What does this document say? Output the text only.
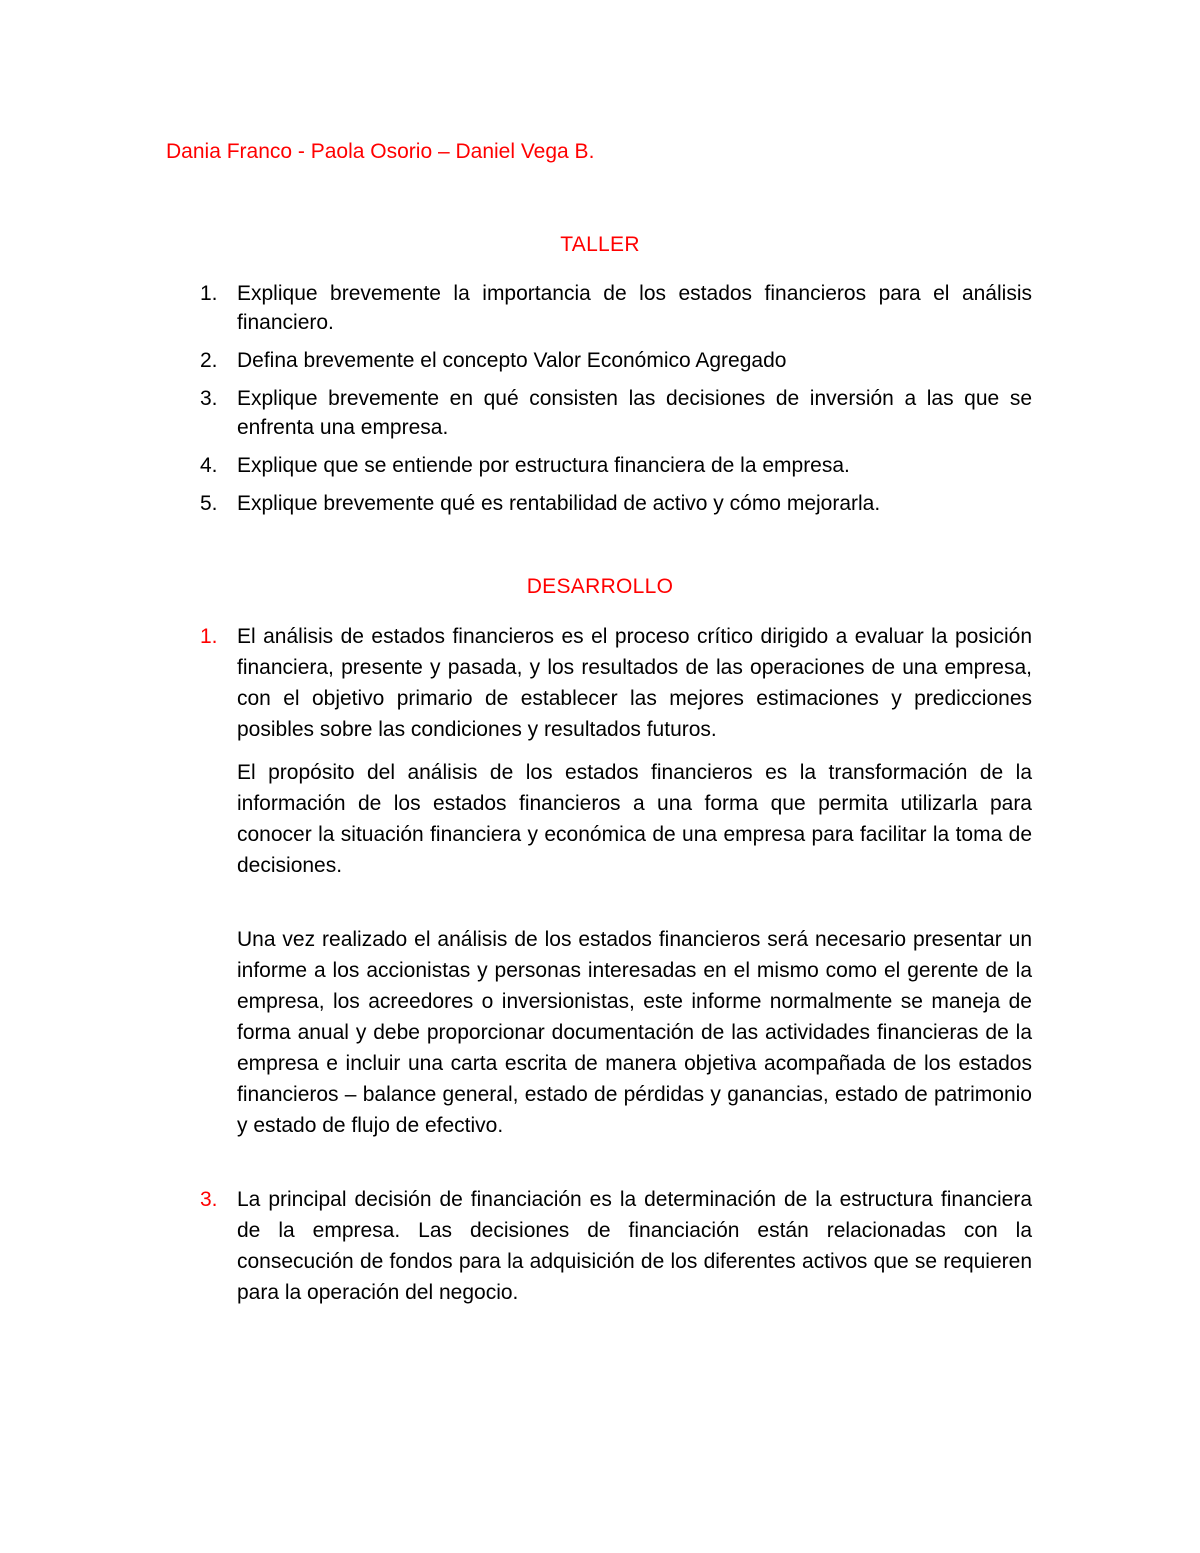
Dania Franco - Paola Osorio – Daniel Vega B.
TALLER
1. Explique brevemente la importancia de los estados financieros para el análisis financiero.
2. Defina brevemente el concepto Valor Económico Agregado
3. Explique brevemente en qué consisten las decisiones de inversión a las que se enfrenta una empresa.
4. Explique que se entiende por estructura financiera de la empresa.
5. Explique brevemente qué es rentabilidad de activo y cómo mejorarla.
DESARROLLO
1. El análisis de estados financieros es el proceso crítico dirigido a evaluar la posición financiera, presente y pasada, y los resultados de las operaciones de una empresa, con el objetivo primario de establecer las mejores estimaciones y predicciones posibles sobre las condiciones y resultados futuros.

El propósito del análisis de los estados financieros es la transformación de la información de los estados financieros a una forma que permita utilizarla para conocer la situación financiera y económica de una empresa para facilitar la toma de decisiones.

Una vez realizado el análisis de los estados financieros será necesario presentar un informe a los accionistas y personas interesadas en el mismo como el gerente de la empresa, los acreedores o inversionistas, este informe normalmente se maneja de forma anual y debe proporcionar documentación de las actividades financieras de la empresa e incluir una carta escrita de manera objetiva acompañada de los estados financieros – balance general, estado de pérdidas y ganancias, estado de patrimonio y estado de flujo de efectivo.

3. La principal decisión de financiación es la determinación de la estructura financiera de la empresa. Las decisiones de financiación están relacionadas con la consecución de fondos para la adquisición de los diferentes activos que se requieren para la operación del negocio.
